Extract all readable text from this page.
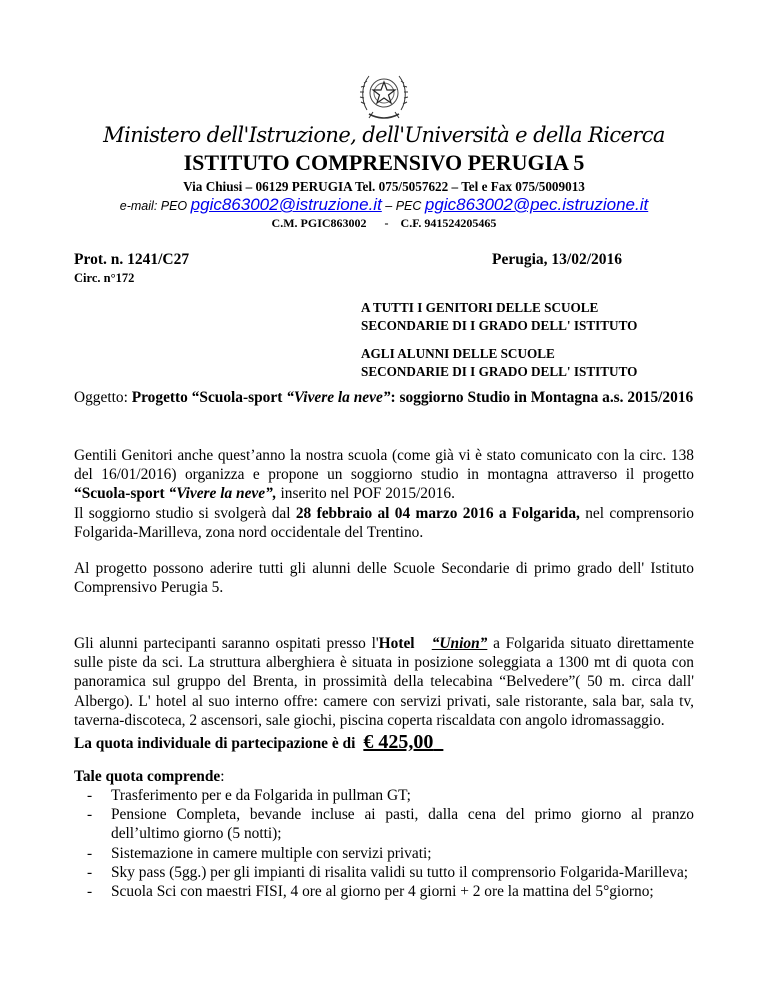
Ministero dell'Istruzione, dell'Università e della Ricerca
ISTITUTO COMPRENSIVO PERUGIA 5
Via Chiusi – 06129 PERUGIA Tel. 075/5057622 – Tel e Fax 075/5009013
e-mail: PEO pgic863002@istruzione.it – PEC pgic863002@pec.istruzione.it
C.M. PGIC863002      -    C.F. 941524205465
Prot. n. 1241/C27
Circ. n°172
Perugia, 13/02/2016
A TUTTI I GENITORI DELLE SCUOLE
SECONDARIE DI I GRADO DELL' ISTITUTO
AGLI ALUNNI DELLE SCUOLE
SECONDARIE DI I GRADO DELL' ISTITUTO
Oggetto: Progetto “Scuola-sport “Vivere la neve”: soggiorno Studio in Montagna a.s. 2015/2016
Gentili Genitori anche quest’anno la nostra scuola (come già vi è stato comunicato con la circ. 138 del 16/01/2016) organizza e propone un soggiorno studio in montagna attraverso il progetto “Scuola-sport “Vivere la neve”, inserito nel POF 2015/2016.
Il soggiorno studio si svolgerà dal 28 febbraio al 04 marzo 2016 a Folgarida, nel comprensorio Folgarida-Marilleva, zona nord occidentale del Trentino.
Al progetto possono aderire tutti gli alunni delle Scuole Secondarie di primo grado dell' Istituto Comprensivo Perugia 5.
Gli alunni partecipanti saranno ospitati presso l'Hotel “Union” a Folgarida situato direttamente sulle piste da sci. La struttura alberghiera è situata in posizione soleggiata a 1300 mt di quota con panoramica sul gruppo del Brenta, in prossimità della telecabina “Belvedere”( 50 m. circa dall' Albergo). L' hotel al suo interno offre: camere con servizi privati, sale ristorante, sala bar, sala tv, taverna-discoteca, 2 ascensori, sale giochi, piscina coperta riscaldata con angolo idromassaggio.
La quota individuale di partecipazione è di € 425,00
Tale quota comprende:
- Trasferimento per e da Folgarida in pullman GT;
- Pensione Completa, bevande incluse ai pasti, dalla cena del primo giorno al pranzo dell’ultimo giorno (5 notti);
- Sistemazione in camere multiple con servizi privati;
- Sky pass (5gg.) per gli impianti di risalita validi su tutto il comprensorio Folgarida-Marilleva;
- Scuola Sci con maestri FISI, 4 ore al giorno per 4 giorni + 2 ore la mattina del 5°giorno;
